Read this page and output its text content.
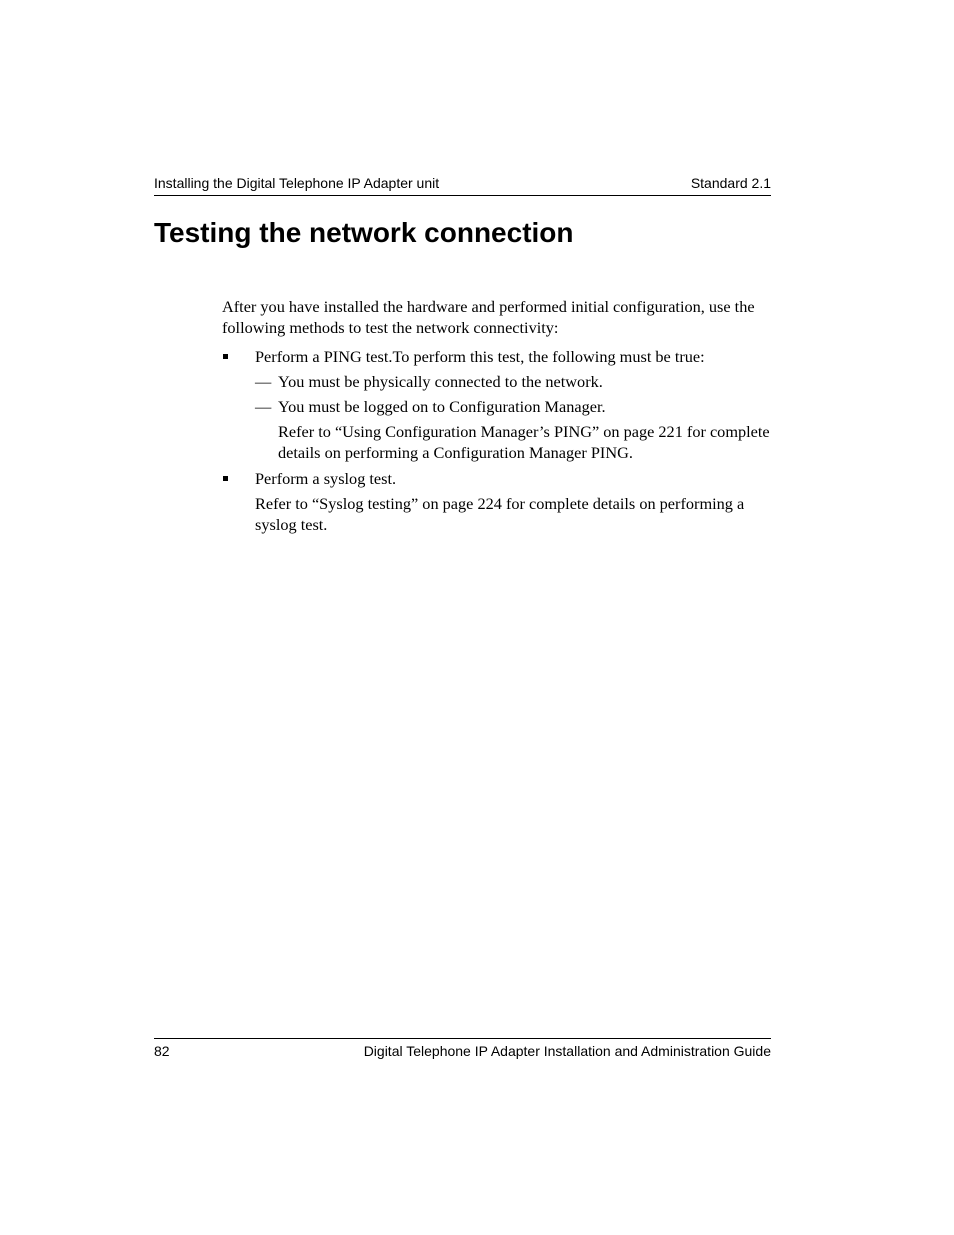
Installing the Digital Telephone IP Adapter unit	Standard 2.1
Testing the network connection

After you have installed the hardware and performed initial configuration, use the following methods to test the network connectivity:

Perform a PING test.To perform this test, the following must be true:

— You must be physically connected to the network.

— You must be logged on to Configuration Manager.

Refer to “Using Configuration Manager’s PING” on page 221 for complete details on performing a Configuration Manager PING.

Perform a syslog test.

Refer to “Syslog testing” on page 224 for complete details on performing a syslog test.

82	Digital Telephone IP Adapter Installation and Administration Guide
